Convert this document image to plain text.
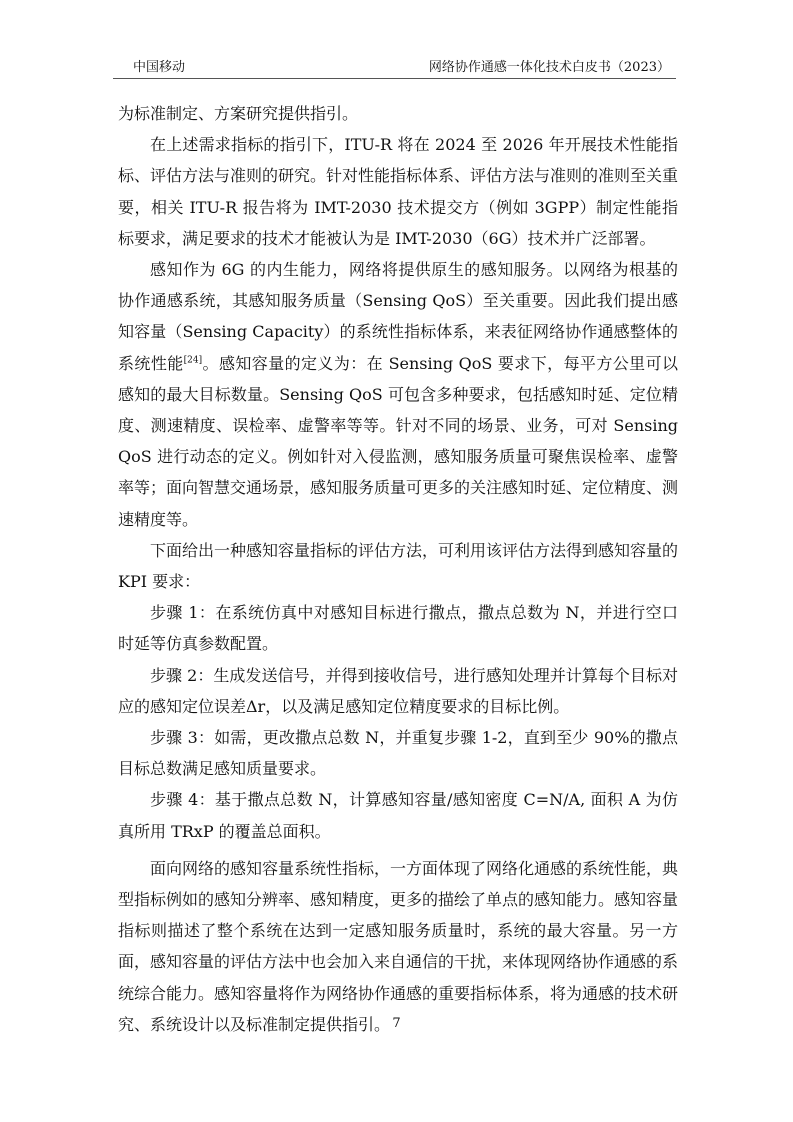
中国移动	网络协作通感一体化技术白皮书（2023）

为标准制定、方案研究提供指引。

在上述需求指标的指引下，ITU-R 将在 2024 至 2026 年开展技术性能指标、评估方法与准则的研究。针对性能指标体系、评估方法与准则的准则至关重要，相关 ITU-R 报告将为 IMT-2030 技术提交方（例如 3GPP）制定性能指标要求，满足要求的技术才能被认为是 IMT-2030（6G）技术并广泛部署。

感知作为 6G 的内生能力，网络将提供原生的感知服务。以网络为根基的协作通感系统，其感知服务质量（Sensing QoS）至关重要。因此我们提出感知容量（Sensing Capacity）的系统性指标体系，来表征网络协作通感整体的系统性能[24]。感知容量的定义为：在 Sensing QoS 要求下，每平方公里可以感知的最大目标数量。Sensing QoS 可包含多种要求，包括感知时延、定位精度、测速精度、误检率、虚警率等等。针对不同的场景、业务，可对 Sensing QoS 进行动态的定义。例如针对入侵监测，感知服务质量可聚焦误检率、虚警率等；面向智慧交通场景，感知服务质量可更多的关注感知时延、定位精度、测速精度等。

下面给出一种感知容量指标的评估方法，可利用该评估方法得到感知容量的 KPI 要求：

步骤 1：在系统仿真中对感知目标进行撒点，撒点总数为 N，并进行空口时延等仿真参数配置。

步骤 2：生成发送信号，并得到接收信号，进行感知处理并计算每个目标对应的感知定位误差Δr，以及满足感知定位精度要求的目标比例。

步骤 3：如需，更改撒点总数 N，并重复步骤 1-2，直到至少 90%的撒点目标总数满足感知质量要求。

步骤 4：基于撒点总数 N，计算感知容量/感知密度 C=N/A, 面积 A 为仿真所用 TRxP 的覆盖总面积。

面向网络的感知容量系统性指标，一方面体现了网络化通感的系统性能，典型指标例如的感知分辨率、感知精度，更多的描绘了单点的感知能力。感知容量指标则描述了整个系统在达到一定感知服务质量时，系统的最大容量。另一方面，感知容量的评估方法中也会加入来自通信的干扰，来体现网络协作通感的系统综合能力。感知容量将作为网络协作通感的重要指标体系，将为通感的技术研究、系统设计以及标准制定提供指引。 7
